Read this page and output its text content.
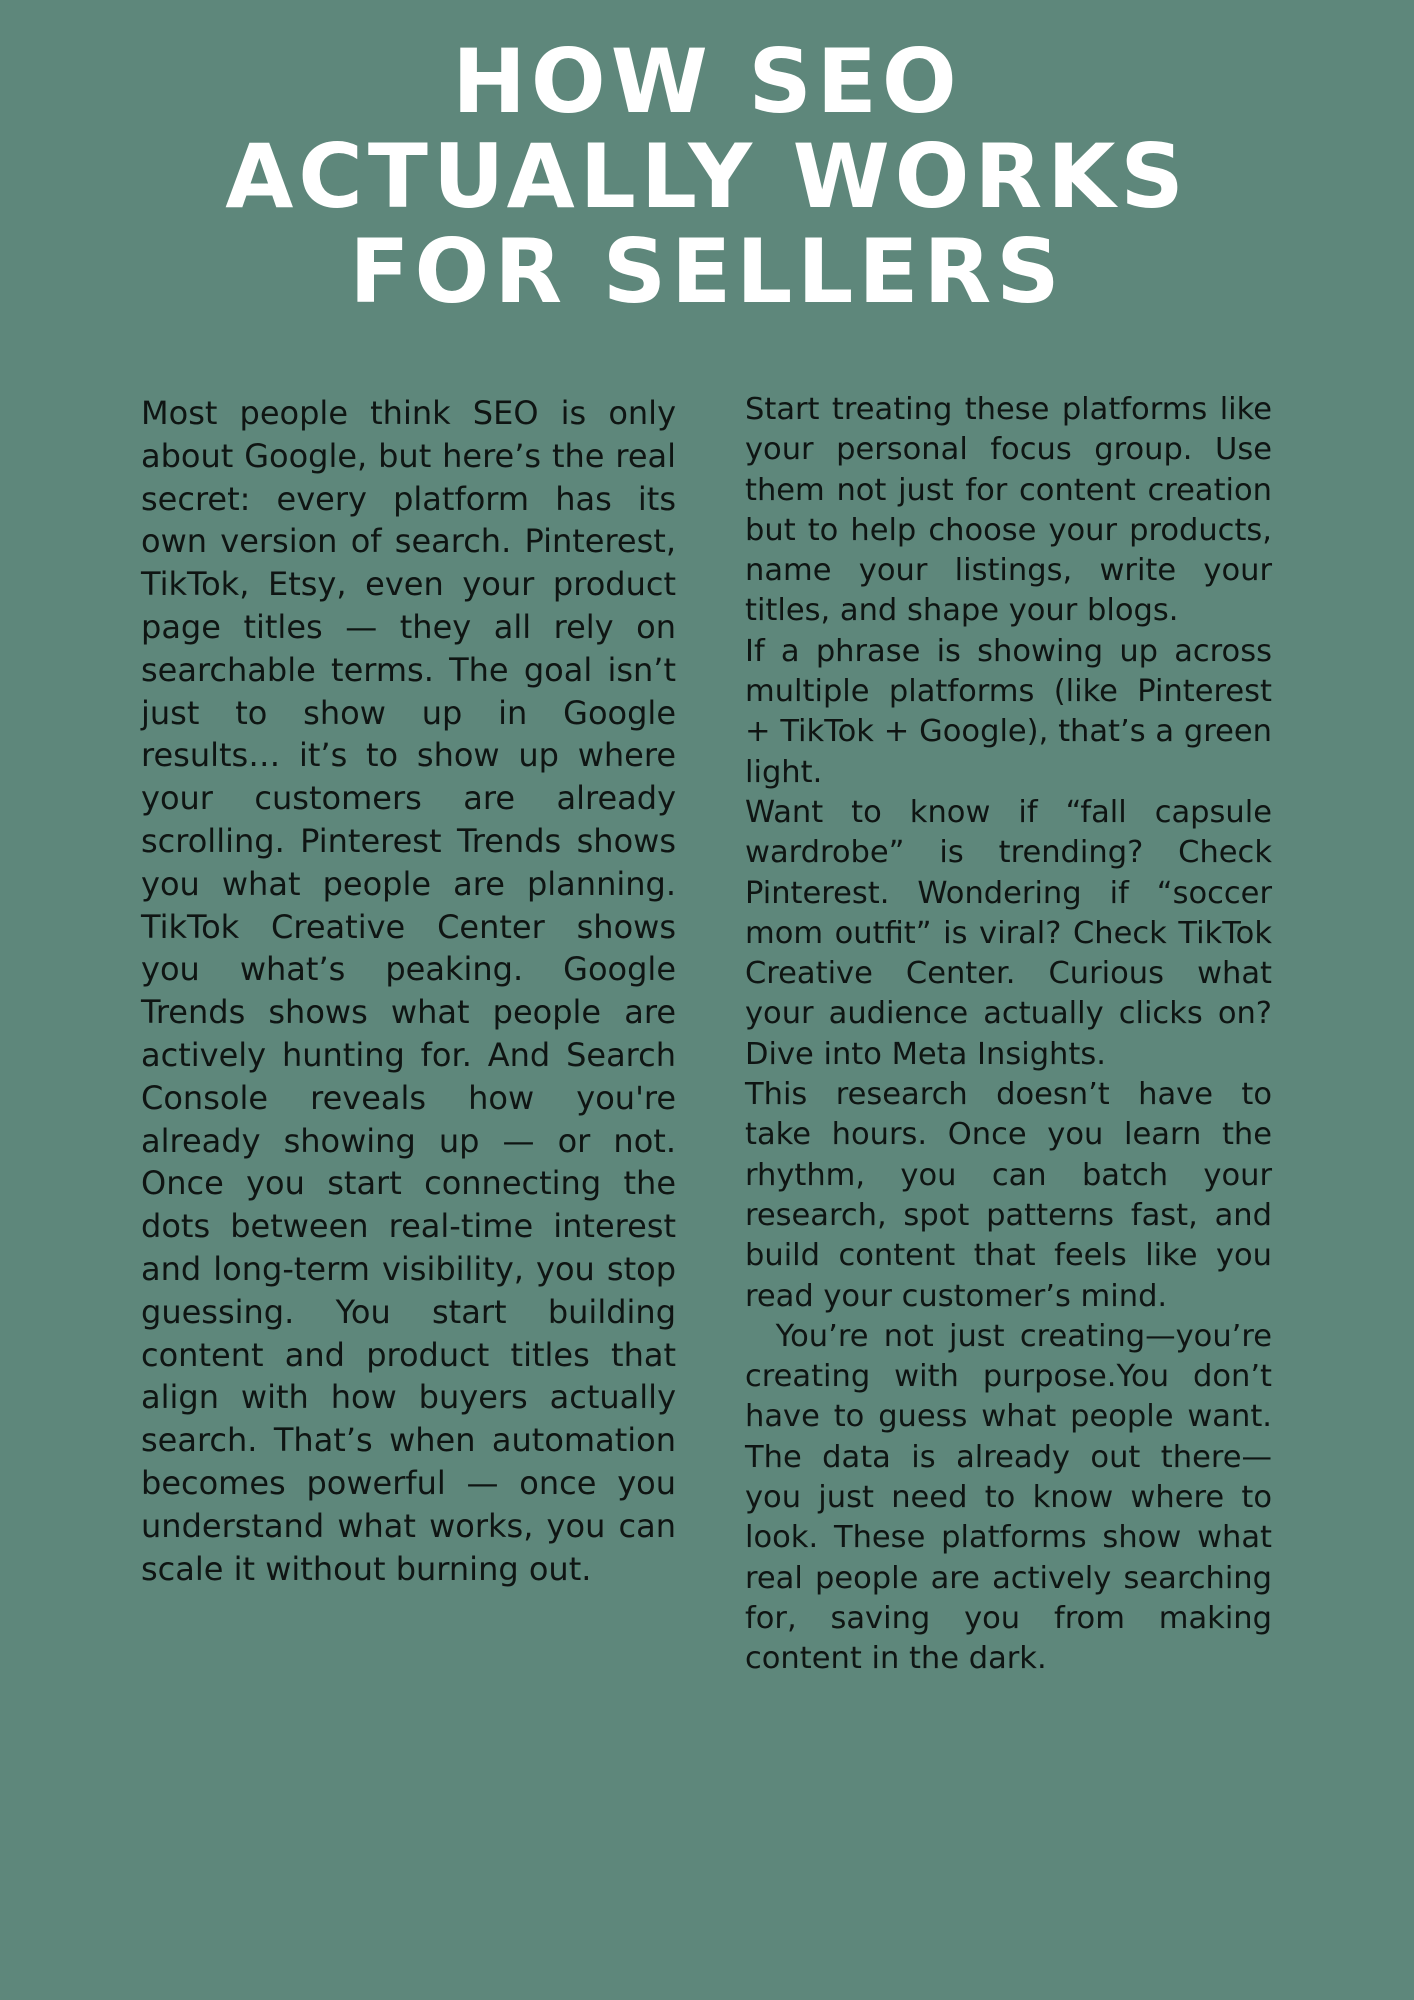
HOW SEO
ACTUALLY WORKS
FOR SELLERS

Most people think SEO is only about Google, but here’s the real secret: every platform has its own version of search. Pinterest, TikTok, Etsy, even your product page titles — they all rely on searchable terms. The goal isn’t just to show up in Google results… it’s to show up where your customers are already scrolling. Pinterest Trends shows you what people are planning. TikTok Creative Center shows you what’s peaking. Google Trends shows what people are actively hunting for. And Search Console reveals how you're already showing up — or not. Once you start connecting the dots between real-time interest and long-term visibility, you stop guessing. You start building content and product titles that align with how buyers actually search. That’s when automation becomes powerful — once you understand what works, you can scale it without burning out.

Start treating these platforms like your personal focus group. Use them not just for content creation but to help choose your products, name your listings, write your titles, and shape your blogs.

If a phrase is showing up across multiple platforms (like Pinterest + TikTok + Google), that’s a green light.

Want to know if “fall capsule wardrobe” is trending? Check Pinterest. Wondering if “soccer mom outfit” is viral? Check TikTok Creative Center. Curious what your audience actually clicks on? Dive into Meta Insights.

This research doesn’t have to take hours. Once you learn the rhythm, you can batch your research, spot patterns fast, and build content that feels like you read your customer’s mind.

You’re not just creating—you’re creating with purpose.You don’t have to guess what people want. The data is already out there—you just need to know where to look. These platforms show what real people are actively searching for, saving you from making content in the dark.
